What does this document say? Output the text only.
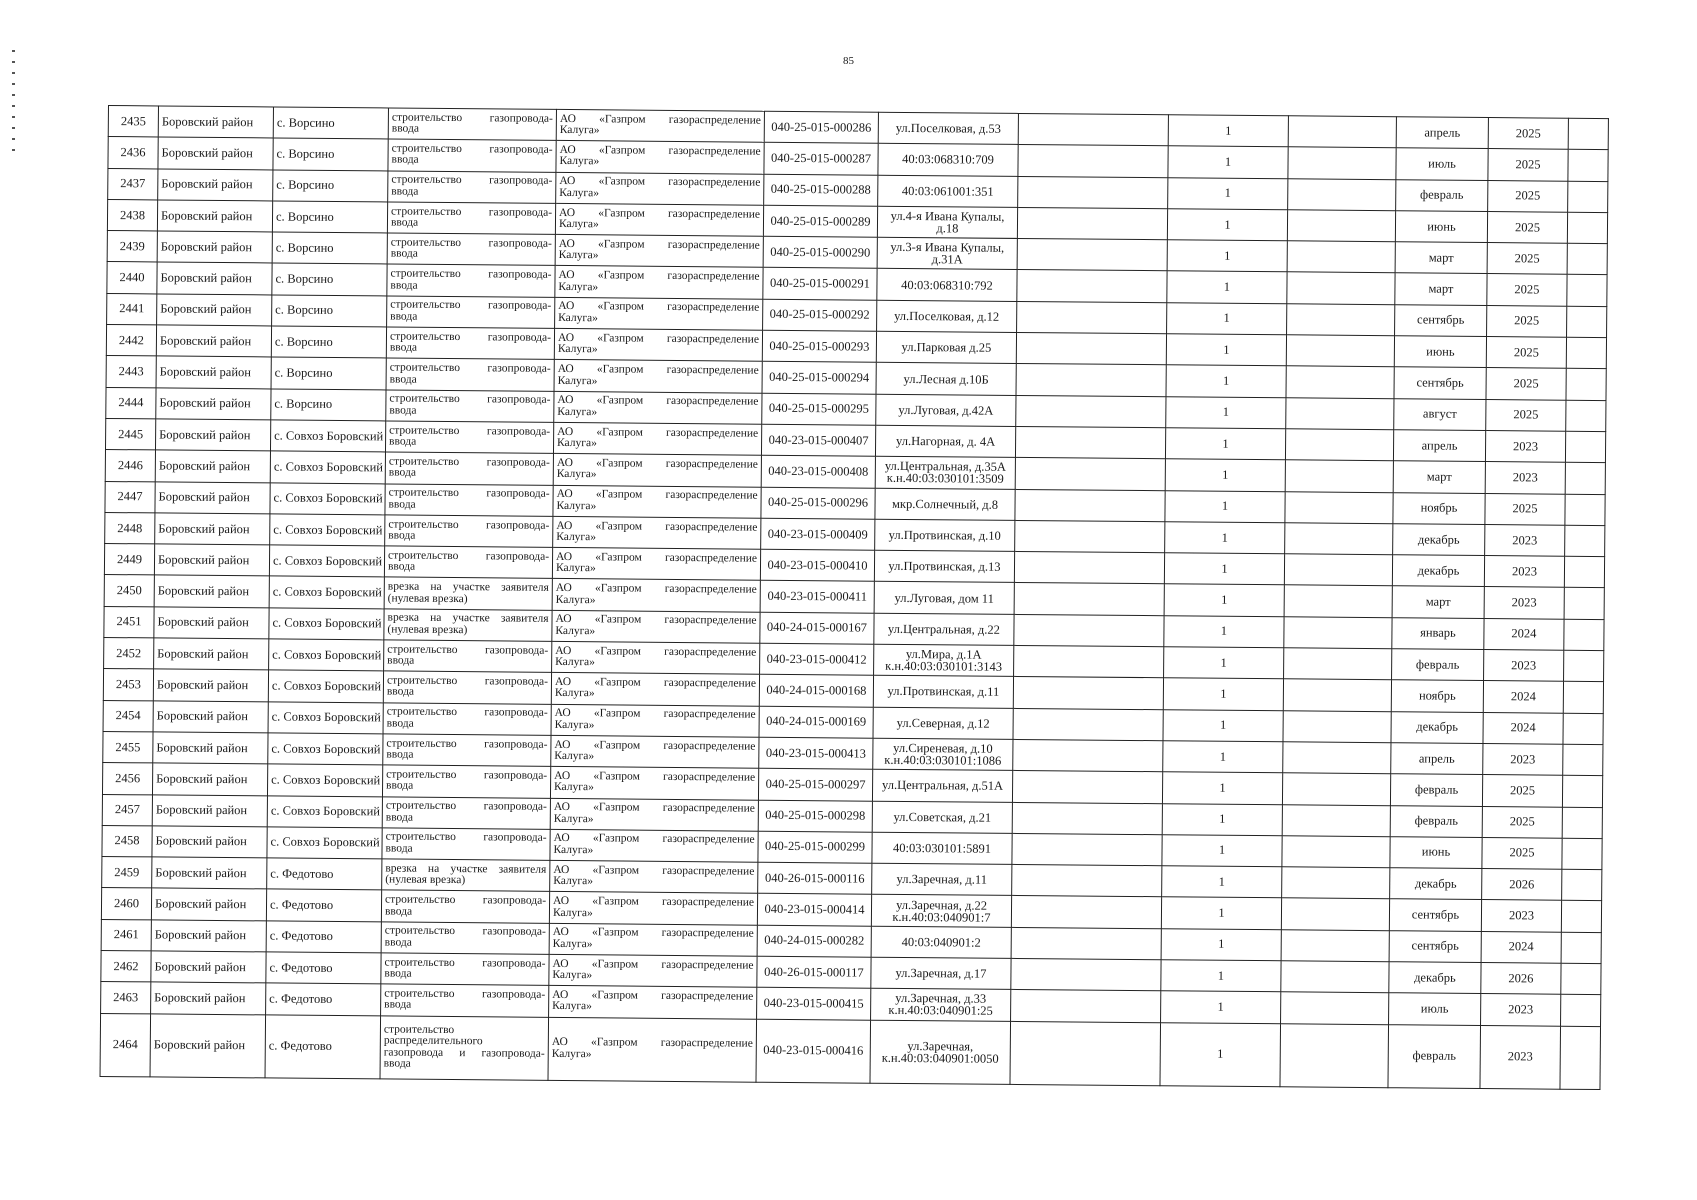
85
2435	Боровский район	с. Ворсино	строительство газопровода-ввода	АО «Газпром газораспределение Калуга»	040-25-015-000286	ул.Поселковая, д.53		1		апрель	2025	
2436	Боровский район	с. Ворсино	строительство газопровода-ввода	АО «Газпром газораспределение Калуга»	040-25-015-000287	40:03:068310:709		1		июль	2025	
2437	Боровский район	с. Ворсино	строительство газопровода-ввода	АО «Газпром газораспределение Калуга»	040-25-015-000288	40:03:061001:351		1		февраль	2025	
2438	Боровский район	с. Ворсино	строительство газопровода-ввода	АО «Газпром газораспределение Калуга»	040-25-015-000289	ул.4-я Ивана Купалы, д.18		1		июнь	2025	
2439	Боровский район	с. Ворсино	строительство газопровода-ввода	АО «Газпром газораспределение Калуга»	040-25-015-000290	ул.3-я Ивана Купалы, д.31А		1		март	2025	
2440	Боровский район	с. Ворсино	строительство газопровода-ввода	АО «Газпром газораспределение Калуга»	040-25-015-000291	40:03:068310:792		1		март	2025	
2441	Боровский район	с. Ворсино	строительство газопровода-ввода	АО «Газпром газораспределение Калуга»	040-25-015-000292	ул.Поселковая, д.12		1		сентябрь	2025	
2442	Боровский район	с. Ворсино	строительство газопровода-ввода	АО «Газпром газораспределение Калуга»	040-25-015-000293	ул.Парковая д.25		1		июнь	2025	
2443	Боровский район	с. Ворсино	строительство газопровода-ввода	АО «Газпром газораспределение Калуга»	040-25-015-000294	ул.Лесная д.10Б		1		сентябрь	2025	
2444	Боровский район	с. Ворсино	строительство газопровода-ввода	АО «Газпром газораспределение Калуга»	040-25-015-000295	ул.Луговая, д.42А		1		август	2025	
2445	Боровский район	с. Совхоз Боровский	строительство газопровода-ввода	АО «Газпром газораспределение Калуга»	040-23-015-000407	ул.Нагорная, д. 4А		1		апрель	2023	
2446	Боровский район	с. Совхоз Боровский	строительство газопровода-ввода	АО «Газпром газораспределение Калуга»	040-23-015-000408	ул.Центральная, д.35А к.н.40:03:030101:3509		1		март	2023	
2447	Боровский район	с. Совхоз Боровский	строительство газопровода-ввода	АО «Газпром газораспределение Калуга»	040-25-015-000296	мкр.Солнечный, д.8		1		ноябрь	2025	
2448	Боровский район	с. Совхоз Боровский	строительство газопровода-ввода	АО «Газпром газораспределение Калуга»	040-23-015-000409	ул.Протвинская, д.10		1		декабрь	2023	
2449	Боровский район	с. Совхоз Боровский	строительство газопровода-ввода	АО «Газпром газораспределение Калуга»	040-23-015-000410	ул.Протвинская, д.13		1		декабрь	2023	
2450	Боровский район	с. Совхоз Боровский	врезка на участке заявителя (нулевая врезка)	АО «Газпром газораспределение Калуга»	040-23-015-000411	ул.Луговая, дом 11		1		март	2023	
2451	Боровский район	с. Совхоз Боровский	врезка на участке заявителя (нулевая врезка)	АО «Газпром газораспределение Калуга»	040-24-015-000167	ул.Центральная, д.22		1		январь	2024	
2452	Боровский район	с. Совхоз Боровский	строительство газопровода-ввода	АО «Газпром газораспределение Калуга»	040-23-015-000412	ул.Мира, д.1А к.н.40:03:030101:3143		1		февраль	2023	
2453	Боровский район	с. Совхоз Боровский	строительство газопровода-ввода	АО «Газпром газораспределение Калуга»	040-24-015-000168	ул.Протвинская, д.11		1		ноябрь	2024	
2454	Боровский район	с. Совхоз Боровский	строительство газопровода-ввода	АО «Газпром газораспределение Калуга»	040-24-015-000169	ул.Северная, д.12		1		декабрь	2024	
2455	Боровский район	с. Совхоз Боровский	строительство газопровода-ввода	АО «Газпром газораспределение Калуга»	040-23-015-000413	ул.Сиреневая, д.10 к.н.40:03:030101:1086		1		апрель	2023	
2456	Боровский район	с. Совхоз Боровский	строительство газопровода-ввода	АО «Газпром газораспределение Калуга»	040-25-015-000297	ул.Центральная, д.51А		1		февраль	2025	
2457	Боровский район	с. Совхоз Боровский	строительство газопровода-ввода	АО «Газпром газораспределение Калуга»	040-25-015-000298	ул.Советская, д.21		1		февраль	2025	
2458	Боровский район	с. Совхоз Боровский	строительство газопровода-ввода	АО «Газпром газораспределение Калуга»	040-25-015-000299	40:03:030101:5891		1		июнь	2025	
2459	Боровский район	с. Федотово	врезка на участке заявителя (нулевая врезка)	АО «Газпром газораспределение Калуга»	040-26-015-000116	ул.Заречная, д.11		1		декабрь	2026	
2460	Боровский район	с. Федотово	строительство газопровода-ввода	АО «Газпром газораспределение Калуга»	040-23-015-000414	ул.Заречная, д.22 к.н.40:03:040901:7		1		сентябрь	2023	
2461	Боровский район	с. Федотово	строительство газопровода-ввода	АО «Газпром газораспределение Калуга»	040-24-015-000282	40:03:040901:2		1		сентябрь	2024	
2462	Боровский район	с. Федотово	строительство газопровода-ввода	АО «Газпром газораспределение Калуга»	040-26-015-000117	ул.Заречная, д.17		1		декабрь	2026	
2463	Боровский район	с. Федотово	строительство газопровода-ввода	АО «Газпром газораспределение Калуга»	040-23-015-000415	ул.Заречная, д.33 к.н.40:03:040901:25		1		июль	2023	
2464	Боровский район	с. Федотово	строительство распределительного газопровода и газопровода-ввода	АО «Газпром газораспределение Калуга»	040-23-015-000416	ул.Заречная, к.н.40:03:040901:0050		1		февраль	2023	
